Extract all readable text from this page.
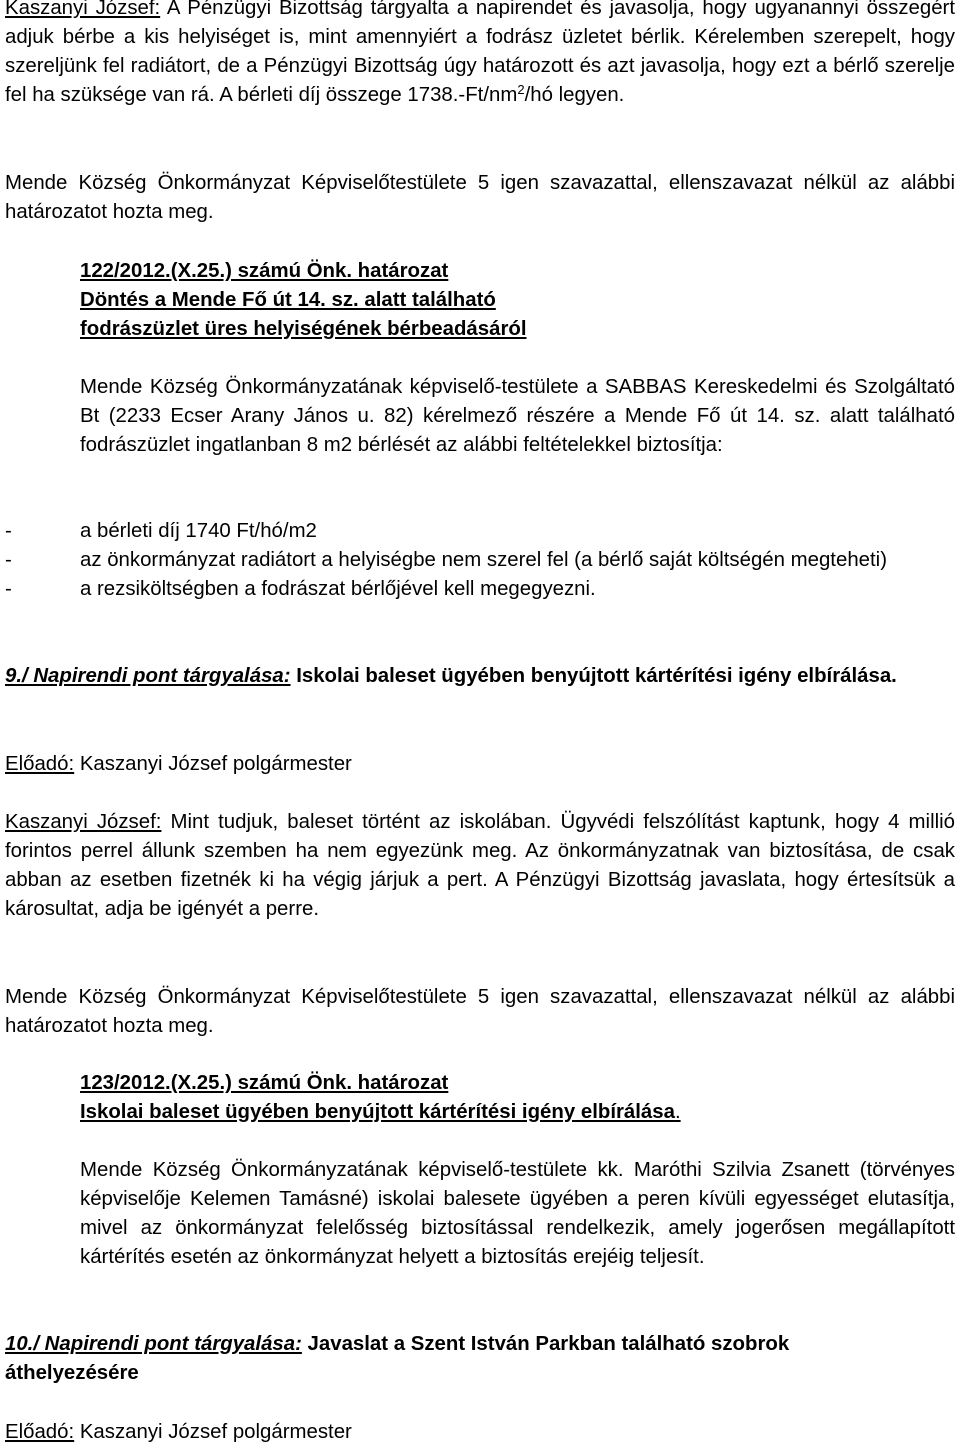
Kaszanyi József: A Pénzügyi Bizottság tárgyalta a napirendet és javasolja, hogy ugyanannyi összegért adjuk bérbe a kis helyiséget is, mint amennyiért a fodrász üzletet bérlik. Kérelemben szerepelt, hogy szereljünk fel radiátort, de a Pénzügyi Bizottság úgy határozott és azt javasolja, hogy ezt a bérlő szerelje fel ha szüksége van rá. A bérleti díj összege $1738.-Ft/nm^2/hó$ legyen.

Mende Község Önkormányzat Képviselőtestülete 5 igen szavazattal, ellenszavazat nélkül az alábbi határozatot hozta meg.

122/2012.(X.25.) számú Önk. határozat

Döntés a Mende Fő út 14. sz. alatt található

fodrászüzlet üres helyiségének bérbeadásáról

Mende Község Önkormányzatának képviselő-testülete a SABBAS Kereskedelmi és Szolgáltató Bt (2233 Ecser Arany János u. 82) kérelmező részére a Mende Fő út 14. sz. alatt található fodrászüzlet ingatlanban 8 m2 bérlését az alábbi feltételekkel biztosítja:

-	a bérleti díj 1740 Ft/hó/m2
-	az önkormányzat radiátort a helyiségbe nem szerel fel (a bérlő saját költségén megteheti)
-	a rezsiköltségben a fodrászat bérlőjével kell megegyezni.

9./ Napirendi pont tárgyalása: Iskolai baleset ügyében benyújtott kártérítési igény elbírálása.

Előadó: Kaszanyi József polgármester

Kaszanyi József: Mint tudjuk, baleset történt az iskolában. Ügyvédi felszólítást kaptunk, hogy 4 millió forintos perrel állunk szemben ha nem egyezünk meg. Az önkormányzatnak van biztosítása, de csak abban az esetben fizetnék ki ha végig járjuk a pert. A Pénzügyi Bizottság javaslata, hogy értesítsük a károsultat, adja be igényét a perre.

Mende Község Önkormányzat Képviselőtestülete 5 igen szavazattal, ellenszavazat nélkül az alábbi határozatot hozta meg.

123/2012.(X.25.) számú Önk. határozat

Iskolai baleset ügyében benyújtott kártérítési igény elbírálása.

Mende Község Önkormányzatának képviselő-testülete kk. Maróthi Szilvia Zsanett (törvényes képviselője Kelemen Tamásné) iskolai balesete ügyében a peren kívüli egyességet elutasítja, mivel az önkormányzat felelősség biztosítással rendelkezik, amely jogerősen megállapított kártérítés esetén az önkormányzat helyett a biztosítás erejéig teljesít.

10./ Napirendi pont tárgyalása: Javaslat a Szent István Parkban található szobrok áthelyezésére

Előadó: Kaszanyi József polgármester
